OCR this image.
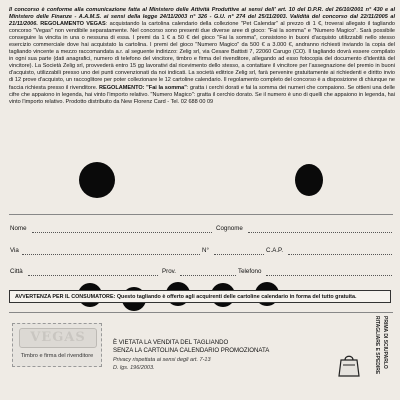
Il concorso è conforme alla comunicazione fatta al Ministero delle Attività Produttive ai sensi dell' art. 10 del D.P.R. del 26/10/2001 n° 430 e al Ministero delle Finanze - A.A.M.S. ai sensi della legge 24/11/2003 n° 326 - G.U. n° 274 del 25/11/2003. Validità del concorso dal 22/11/2005 al 21/11/2006. REGOLAMENTO VEGAS: acquistando la cartolina calendario della collezione "Pet Calendar" al prezzo di 1 €, troverai allegato il tagliando concorso "Vegas" non vendibile separatamente. Nel concorso sono presenti due diverse aree di gioco: "Fai la somma" e "Numero Magico". Sarà possibile conseguire la vincita in una o nessuna di essa. I premi da 1 € a 50 € del gioco "Fai la somma", consistono in buoni d'acquisto utilizzabili nello stesso esercizio commerciale dove hai acquistato la cartolina. I premi del gioco "Numero Magico" da 500 € a 3.000 €, andranno richiesti inviando la copia del tagliando vincente a mezzo raccomandata a.r. al seguente indirizzo: Zelig srl, via Cesare Battisti 7, 22060 Carugo (CO). Il tagliando dovrà essere compilato in ogni sua parte (dati anagrafici, numero di telefono del vincitore, timbro e firma del rivenditore, allegando ad esso fotocopia del documento d'identità del vincitore). La Società Zelig srl, provvederà entro 15 gg lavorativi dal ricevimento dello stesso, a contattare il vincitore per l'assegnazione del premio in buoni d'acquisto, utilizzabili presso uno dei punti convenzionati da noi indicati. La società editrice Zelig srl, farà pervenire gratuitamente ai richiedenti e diritto invio di 12 prove d'acquisto, un raccoglitore per poter collezionare le 12 cartoline calendario. Il regolamento completo del concorso è a disposizione di chiunque ne faccia richiesta presso il rivenditore. REGOLAMENTO: "Fai la somma": gratta i cerchi dorati e fai la somma dei numeri che compaiono. Se ottieni una delle cifre che appaiono in legenda, hai vinto l'importo relativo. "Numero Magico": gratta il cerchio dorato. Se il numero è uno di quelli che appaiono in legenda, hai vinto l'importo relativo. Prodotto distribuito da New Florenz Card - Tel. 02 688 00 09
Nome	Cognome
Via	N°	C.A.P.
Città	Prov.	Telefono
AVVERTENZA PER IL CONSUMATORE: Questo tagliando è offerto agli acquirenti delle cartoline calendario in forma del tutto gratuita.
VEGAS
Timbro e firma del rivenditore
È VIETATA LA VENDITA DEL TAGLIANDO
SENZA LA CARTOLINA CALENDARIO PROMOZIONATA
Privacy rispettata ai sensi degli art. 7-13
D. lgs. 196/2003.	PRIMA DI SCIUPARLO
RITAGLIARE E SPEDIRE
